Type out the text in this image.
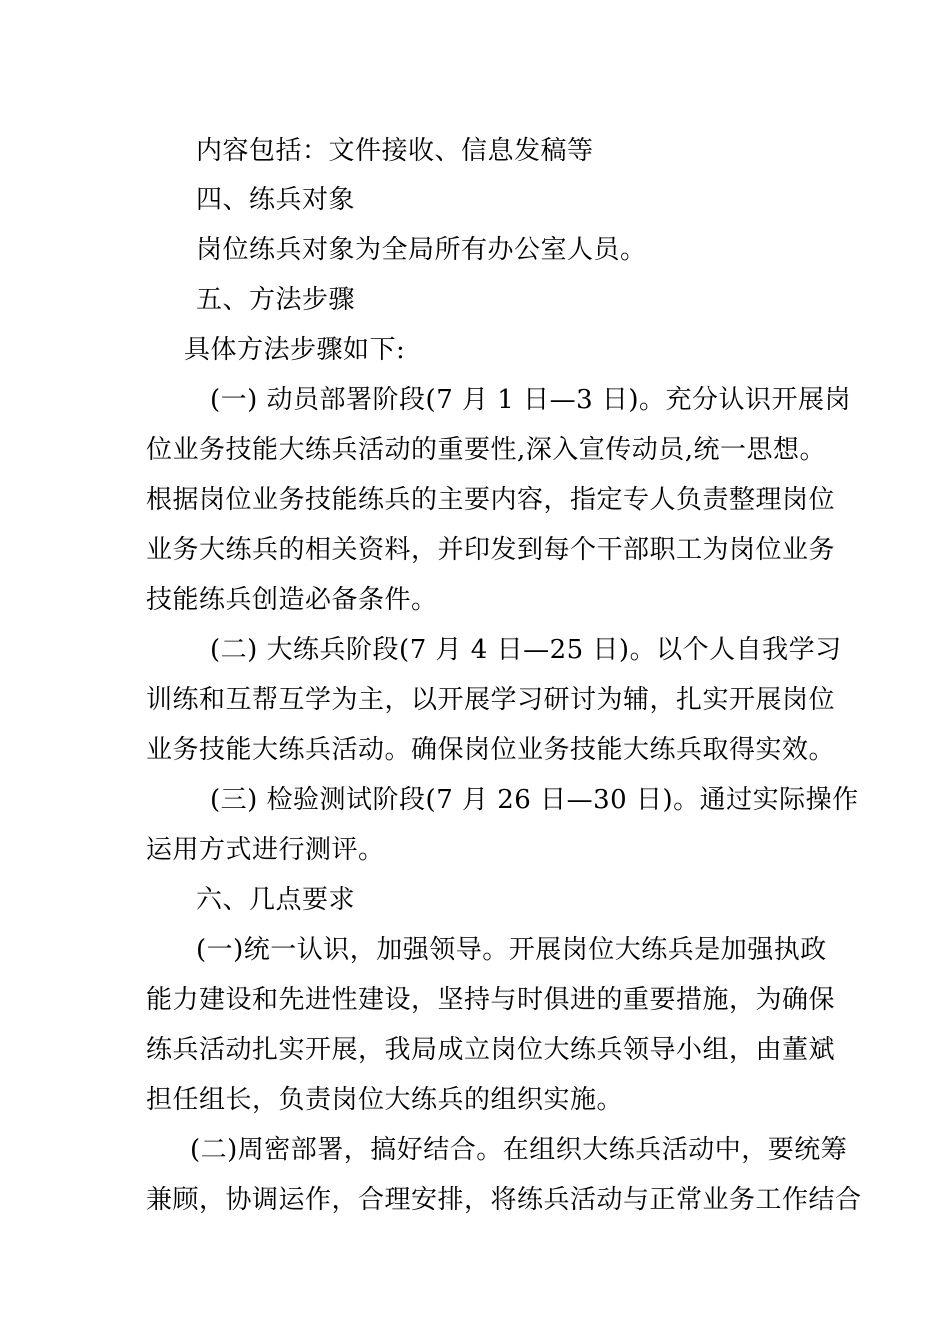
内容包括：文件接收、信息发稿等
四、练兵对象
岗位练兵对象为全局所有办公室人员。
五、方法步骤
具体方法步骤如下:
(一) 动员部署阶段(7 月 1 日—3 日)。充分认识开展岗
位业务技能大练兵活动的重要性,深入宣传动员,统一思想。
根据岗位业务技能练兵的主要内容，指定专人负责整理岗位
业务大练兵的相关资料，并印发到每个干部职工为岗位业务
技能练兵创造必备条件。
(二) 大练兵阶段(7 月 4 日—25 日)。以个人自我学习
训练和互帮互学为主，以开展学习研讨为辅，扎实开展岗位
业务技能大练兵活动。确保岗位业务技能大练兵取得实效。
(三) 检验测试阶段(7 月 26 日—30 日)。通过实际操作
运用方式进行测评。
六、几点要求
(一)统一认识，加强领导。开展岗位大练兵是加强执政
能力建设和先进性建设，坚持与时俱进的重要措施，为确保
练兵活动扎实开展，我局成立岗位大练兵领导小组，由董斌
担任组长，负责岗位大练兵的组织实施。
(二)周密部署，搞好结合。在组织大练兵活动中，要统筹
兼顾，协调运作，合理安排，将练兵活动与正常业务工作结合
